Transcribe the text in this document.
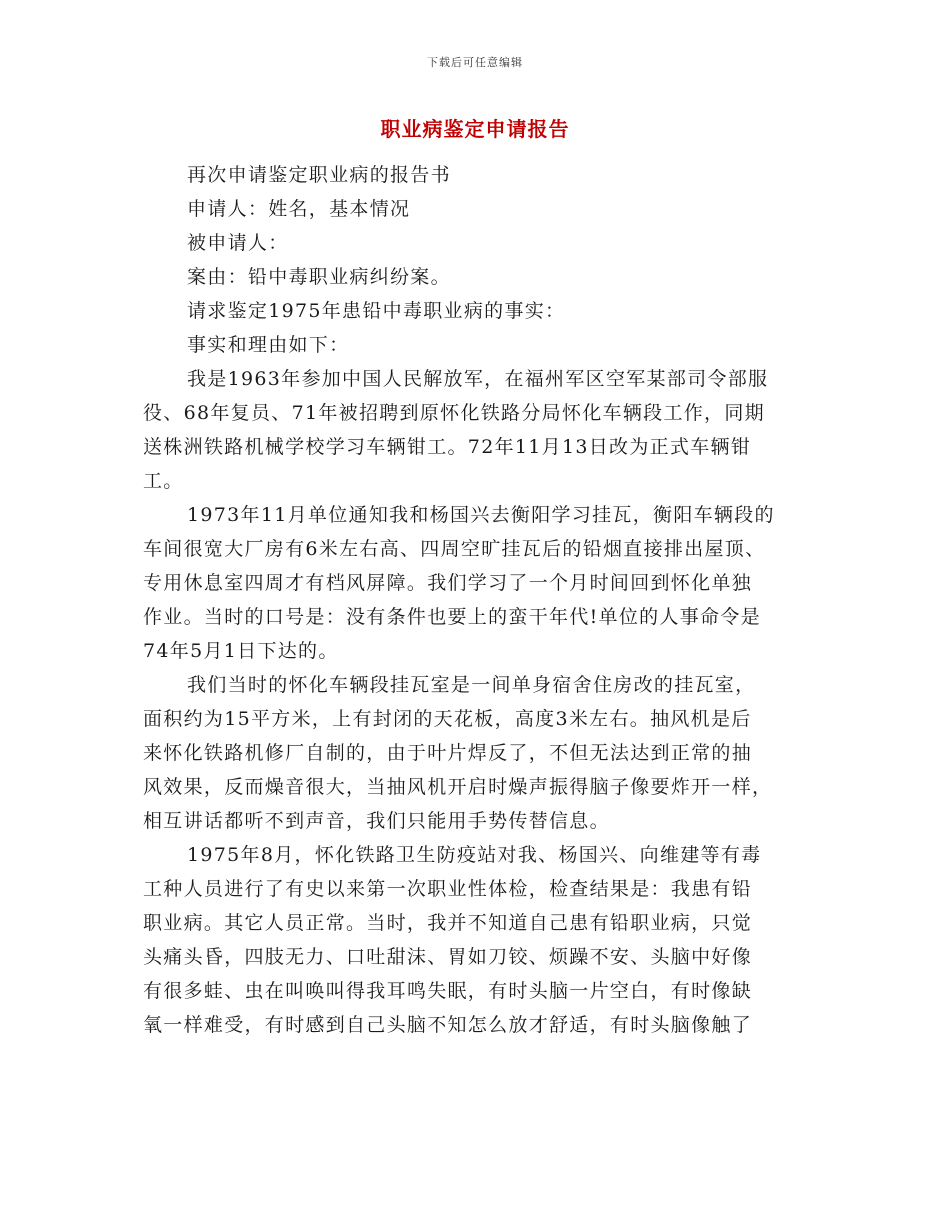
下载后可任意编辑
职业病鉴定申请报告

再次申请鉴定职业病的报告书

申请人：姓名，基本情况

被申请人：

案由：铅中毒职业病纠纷案。

请求鉴定1975年患铅中毒职业病的事实：

事实和理由如下：

我是1963年参加中国人民解放军，在福州军区空军某部司令部服

役、68年复员、71年被招聘到原怀化铁路分局怀化车辆段工作，同期

送株洲铁路机械学校学习车辆钳工。72年11月13日改为正式车辆钳

工。

1973年11月单位通知我和杨国兴去衡阳学习挂瓦，衡阳车辆段的

车间很宽大厂房有6米左右高、四周空旷挂瓦后的铅烟直接排出屋顶、

专用休息室四周才有档风屏障。我们学习了一个月时间回到怀化单独

作业。当时的口号是：没有条件也要上的蛮干年代!单位的人事命令是

74年5月1日下达的。

我们当时的怀化车辆段挂瓦室是一间单身宿舍住房改的挂瓦室，

面积约为15平方米，上有封闭的天花板，高度3米左右。抽风机是后

来怀化铁路机修厂自制的，由于叶片焊反了，不但无法达到正常的抽

风效果，反而燥音很大，当抽风机开启时燥声振得脑子像要炸开一样，

相互讲话都听不到声音，我们只能用手势传替信息。

1975年8月，怀化铁路卫生防疫站对我、杨国兴、向维建等有毒

工种人员进行了有史以来第一次职业性体检，检查结果是：我患有铅

职业病。其它人员正常。当时，我并不知道自己患有铅职业病，只觉

头痛头昏，四肢无力、口吐甜沫、胃如刀铰、烦躁不安、头脑中好像

有很多蛙、虫在叫唤叫得我耳鸣失眠，有时头脑一片空白，有时像缺

氧一样难受，有时感到自己头脑不知怎么放才舒适，有时头脑像触了
